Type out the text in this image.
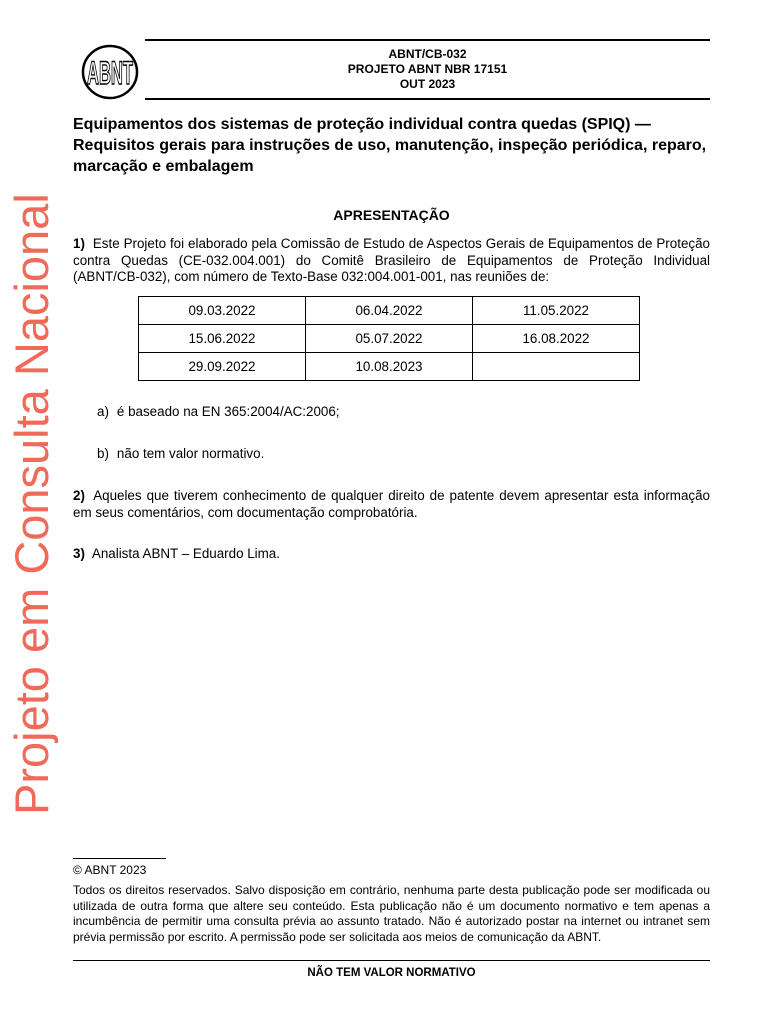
ABNT
ABNT/CB-032
PROJETO ABNT NBR 17151
OUT 2023
Equipamentos dos sistemas de proteção individual contra quedas (SPIQ) — Requisitos gerais para instruções de uso, manutenção, inspeção periódica, reparo, marcação e embalagem
APRESENTAÇÃO
1) Este Projeto foi elaborado pela Comissão de Estudo de Aspectos Gerais de Equipamentos de Proteção contra Quedas (CE-032.004.001) do Comitê Brasileiro de Equipamentos de Proteção Individual (ABNT/CB-032), com número de Texto-Base 032:004.001-001, nas reuniões de:
09.03.2022	06.04.2022	11.05.2022
15.06.2022	05.07.2022	16.08.2022
29.09.2022	10.08.2023	
a) é baseado na EN 365:2004/AC:2006;
b) não tem valor normativo.
2) Aqueles que tiverem conhecimento de qualquer direito de patente devem apresentar esta informação em seus comentários, com documentação comprobatória.
3) Analista ABNT – Eduardo Lima.
Projeto em Consulta Nacional
© ABNT 2023
Todos os direitos reservados. Salvo disposição em contrário, nenhuma parte desta publicação pode ser modificada ou utilizada de outra forma que altere seu conteúdo. Esta publicação não é um documento normativo e tem apenas a incumbência de permitir uma consulta prévia ao assunto tratado. Não é autorizado postar na internet ou intranet sem prévia permissão por escrito. A permissão pode ser solicitada aos meios de comunicação da ABNT.
NÃO TEM VALOR NORMATIVO
